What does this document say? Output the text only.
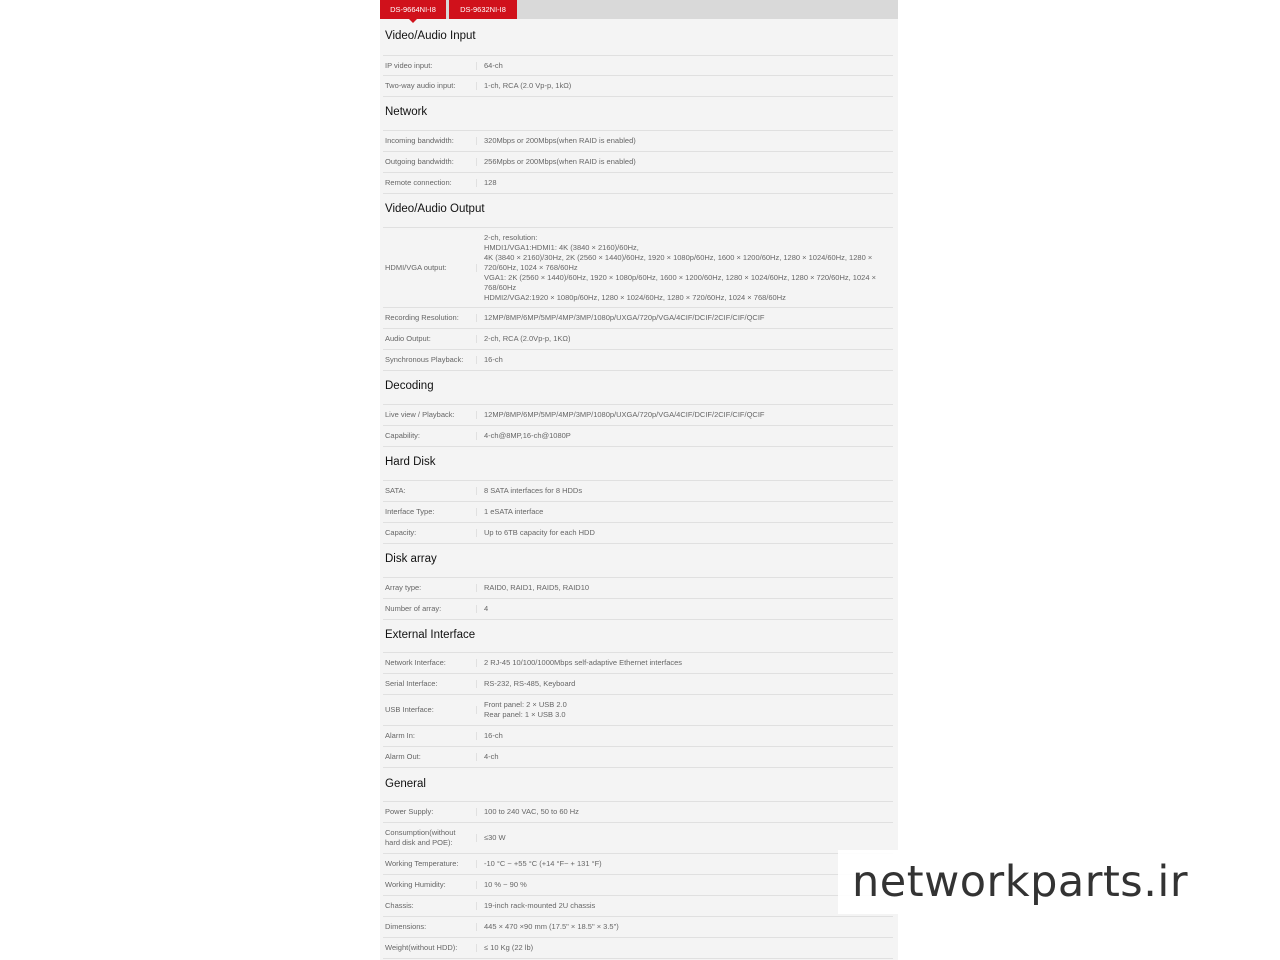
DS-9664NI-I8	DS-9632NI-I8
Video/Audio Input
IP video input:	64-ch
Two-way audio input:	1-ch, RCA (2.0 Vp-p, 1kΩ)
Network
Incoming bandwidth:	320Mbps or 200Mbps(when RAID is enabled)
Outgoing bandwidth:	256Mpbs or 200Mbps(when RAID is enabled)
Remote connection:	128
Video/Audio Output
HDMI/VGA output:
2-ch, resolution:
HMDI1/VGA1:HDMI1: 4K (3840 × 2160)/60Hz,
4K (3840 × 2160)/30Hz, 2K (2560 × 1440)/60Hz, 1920 × 1080p/60Hz, 1600 × 1200/60Hz, 1280 × 1024/60Hz, 1280 × 720/60Hz, 1024 × 768/60Hz
VGA1: 2K (2560 × 1440)/60Hz, 1920 × 1080p/60Hz, 1600 × 1200/60Hz, 1280 × 1024/60Hz, 1280 × 720/60Hz, 1024 × 768/60Hz
HDMI2/VGA2:1920 × 1080p/60Hz, 1280 × 1024/60Hz, 1280 × 720/60Hz, 1024 × 768/60Hz
Recording Resolution:	12MP/8MP/6MP/5MP/4MP/3MP/1080p/UXGA/720p/VGA/4CIF/DCIF/2CIF/CIF/QCIF
Audio Output:	2-ch, RCA (2.0Vp-p, 1KΩ)
Synchronous Playback:	16-ch
Decoding
Live view / Playback:	12MP/8MP/6MP/5MP/4MP/3MP/1080p/UXGA/720p/VGA/4CIF/DCIF/2CIF/CIF/QCIF
Capability:	4-ch@8MP,16-ch@1080P
Hard Disk
SATA:	8 SATA interfaces for 8 HDDs
Interface Type:	1 eSATA interface
Capacity:	Up to 6TB capacity for each HDD
Disk array
Array type:	RAID0, RAID1, RAID5, RAID10
Number of array:	4
External Interface
Network Interface:	2 RJ-45 10/100/1000Mbps self-adaptive Ethernet interfaces
Serial Interface:	RS-232, RS-485, Keyboard
USB Interface:
Front panel: 2 × USB 2.0
Rear panel: 1 × USB 3.0
Alarm In:	16-ch
Alarm Out:	4-ch
General
Power Supply:	100 to 240 VAC, 50 to 60 Hz
Consumption(without hard disk and POE):
≤30 W
Working Temperature:	-10 °C ~ +55 °C (+14 °F~ + 131 °F)
Working Humidity:	10 % ~ 90 %
Chassis:	19-inch rack-mounted 2U chassis
Dimensions:	445 × 470 ×90 mm (17.5" × 18.5" × 3.5")
Weight(without HDD):	≤ 10 Kg (22 lb)
networkparts.ir
